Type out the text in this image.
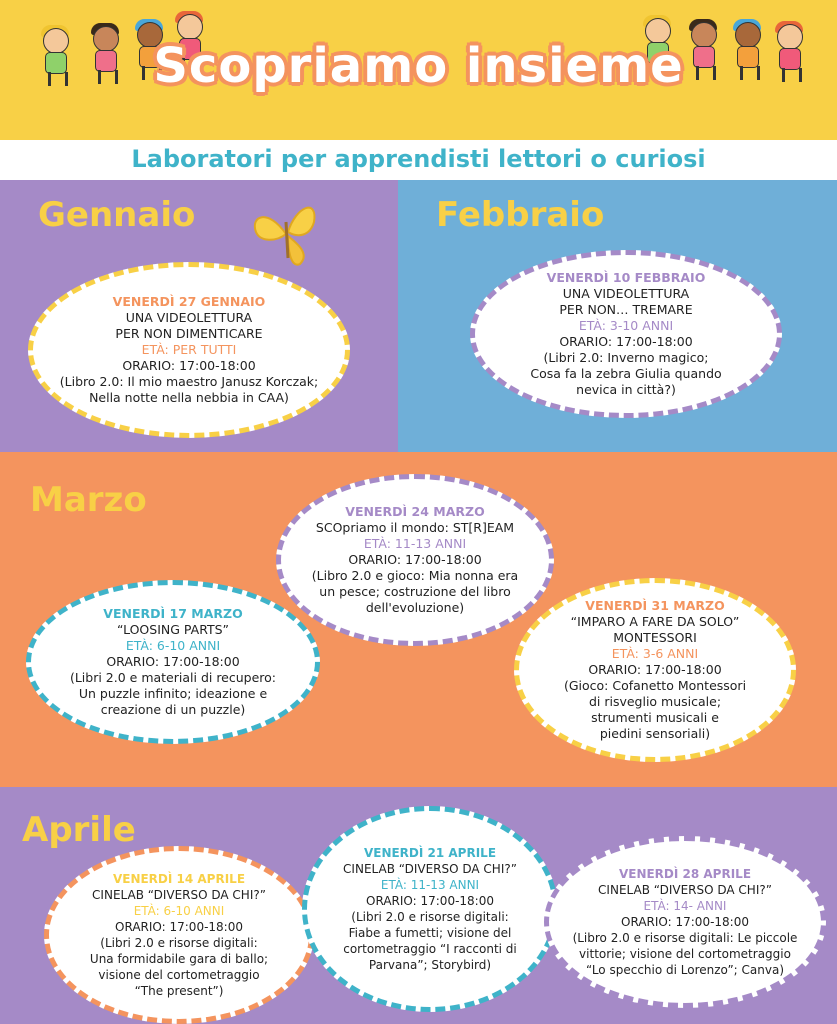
Scopriamo insieme
Laboratori per apprendisti lettori o curiosi
Gennaio	Febbraio
Marzo
Aprile
VENERDÌ 27 GENNAIO
UNA VIDEOLETTURA
PER NON DIMENTICARE
ETÀ: PER TUTTI
ORARIO: 17:00-18:00
(Libro 2.0: Il mio maestro Janusz Korczak;
Nella notte nella nebbia in CAA)
VENERDÌ 10 FEBBRAIO
UNA VIDEOLETTURA
PER NON… TREMARE
ETÀ: 3-10 ANNI
ORARIO: 17:00-18:00
(Libri 2.0: Inverno magico;
Cosa fa la zebra Giulia quando
nevica in città?)
VENERDÌ 24 MARZO
SCOpriamo il mondo: ST[R]EAM
ETÀ: 11-13 ANNI
ORARIO: 17:00-18:00
(Libro 2.0 e gioco: Mia nonna era
un pesce; costruzione del libro
dell'evoluzione)
VENERDÌ 17 MARZO
“LOOSING PARTS”
ETÀ: 6-10 ANNI
ORARIO: 17:00-18:00
(Libri 2.0 e materiali di recupero:
Un puzzle infinito; ideazione e
creazione di un puzzle)
VENERDÌ 31 MARZO
“IMPARO A FARE DA SOLO”
MONTESSORI
ETÀ: 3-6 ANNI
ORARIO: 17:00-18:00
(Gioco: Cofanetto Montessori
di risveglio musicale;
strumenti musicali e
piedini sensoriali)
VENERDÌ 14 APRILE
CINELAB “DIVERSO DA CHI?”
ETÀ: 6-10 ANNI
ORARIO: 17:00-18:00
(Libri 2.0 e risorse digitali:
Una formidabile gara di ballo;
visione del cortometraggio
“The present”)
VENERDÌ 21 APRILE
CINELAB “DIVERSO DA CHI?”
ETÀ: 11-13 ANNI
ORARIO: 17:00-18:00
(Libri 2.0 e risorse digitali:
Fiabe a fumetti; visione del
cortometraggio “I racconti di
Parvana”; Storybird)
VENERDÌ 28 APRILE
CINELAB “DIVERSO DA CHI?”
ETÀ: 14- ANNI
ORARIO: 17:00-18:00
(Libro 2.0 e risorse digitali: Le piccole
vittorie; visione del cortometraggio
“Lo specchio di Lorenzo”; Canva)
